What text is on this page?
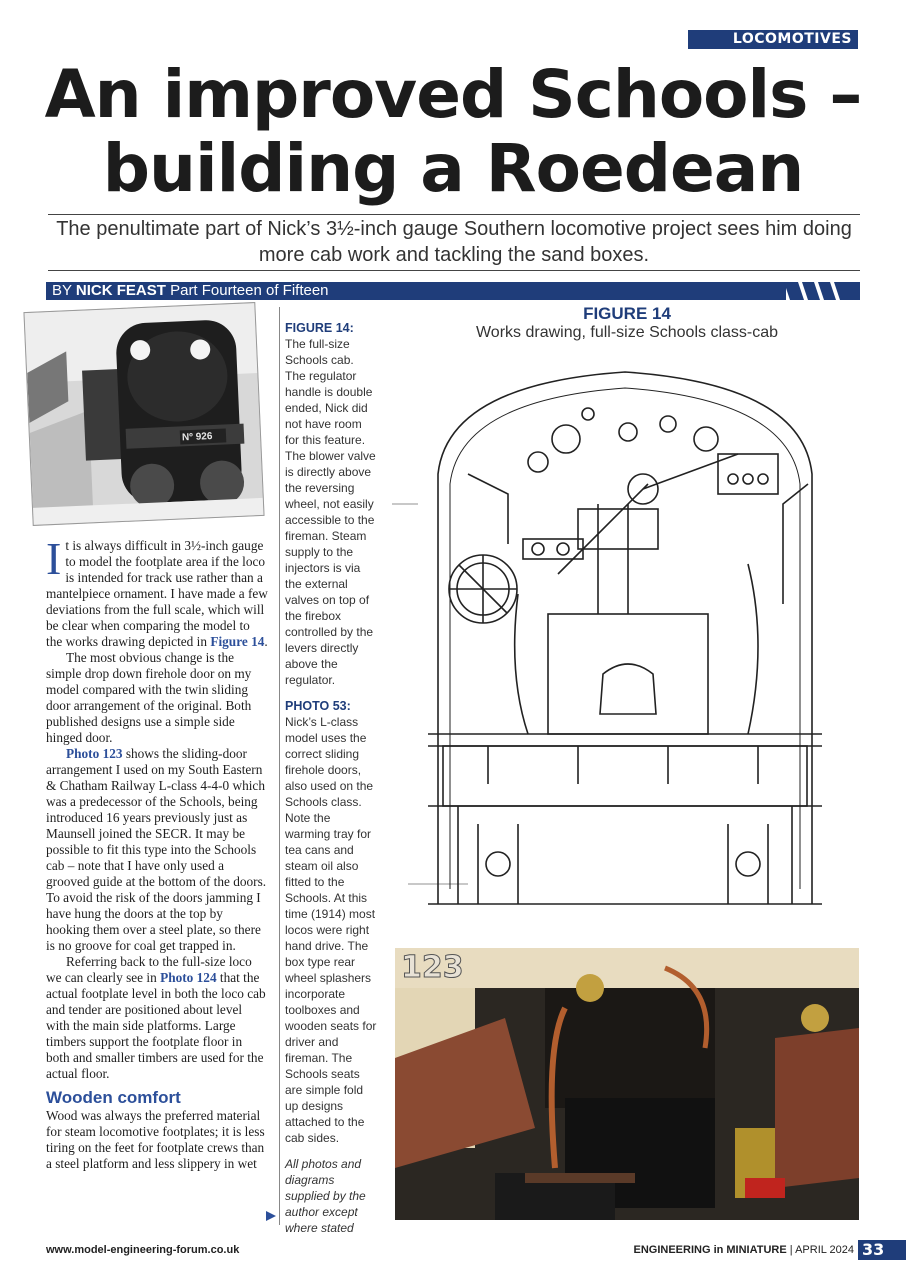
LOCOMOTIVES
An improved Schools –
building a Roedean
The penultimate part of Nick’s 3½-inch gauge Southern locomotive project sees him doing more cab work and tackling the sand boxes.
BY NICK FEAST Part Fourteen of Fifteen
Nº 926

It is always difficult in 3½-inch gauge to model the footplate area if the loco is intended for track use rather than a mantelpiece ornament. I have made a few deviations from the full scale, which will be clear when comparing the model to the works drawing depicted in Figure 14.

The most obvious change is the simple drop down firehole door on my model compared with the twin sliding door arrangement of the original. Both published designs use a simple side hinged door.

Photo 123 shows the sliding-door arrangement I used on my South Eastern & Chatham Railway L-class 4-4-0 which was a predecessor of the Schools, being introduced 16 years previously just as Maunsell joined the SECR. It may be possible to fit this type into the Schools cab – note that I have only used a grooved guide at the bottom of the doors. To avoid the risk of the doors jamming I have hung the doors at the top by hooking them over a steel plate, so there is no groove for coal get trapped in.

Referring back to the full-size loco we can clearly see in Photo 124 that the actual footplate level in both the loco cab and tender are positioned about level with the main side platforms. Large timbers support the footplate floor in both and smaller timbers are used for the actual floor.

Wooden comfort

Wood was always the preferred material for steam locomotive footplates; it is less tiring on the feet for footplate crews than a steel platform and less slippery in wet

FIGURE 14:
The full-size Schools cab. The regulator handle is double ended, Nick did not have room for this feature. The blower valve is directly above the reversing wheel, not easily accessible to the fireman. Steam supply to the injectors is via the external valves on top of the firebox controlled by the levers directly above the regulator.

PHOTO 53:
Nick’s L-class model uses the correct sliding firehole doors, also used on the Schools class. Note the warming tray for tea cans and steam oil also fitted to the Schools. At this time (1914) most locos were right hand drive. The box type rear wheel splashers incorporate toolboxes and wooden seats for driver and fireman. The Schools seats are simple fold up designs attached to the cab sides.

All photos and diagrams supplied by the author except where stated

FIGURE 14
Works drawing, full-size Schools class-cab
123
www.model-engineering-forum.co.uk	ENGINEERING in MINIATURE | APRIL 2024 33
